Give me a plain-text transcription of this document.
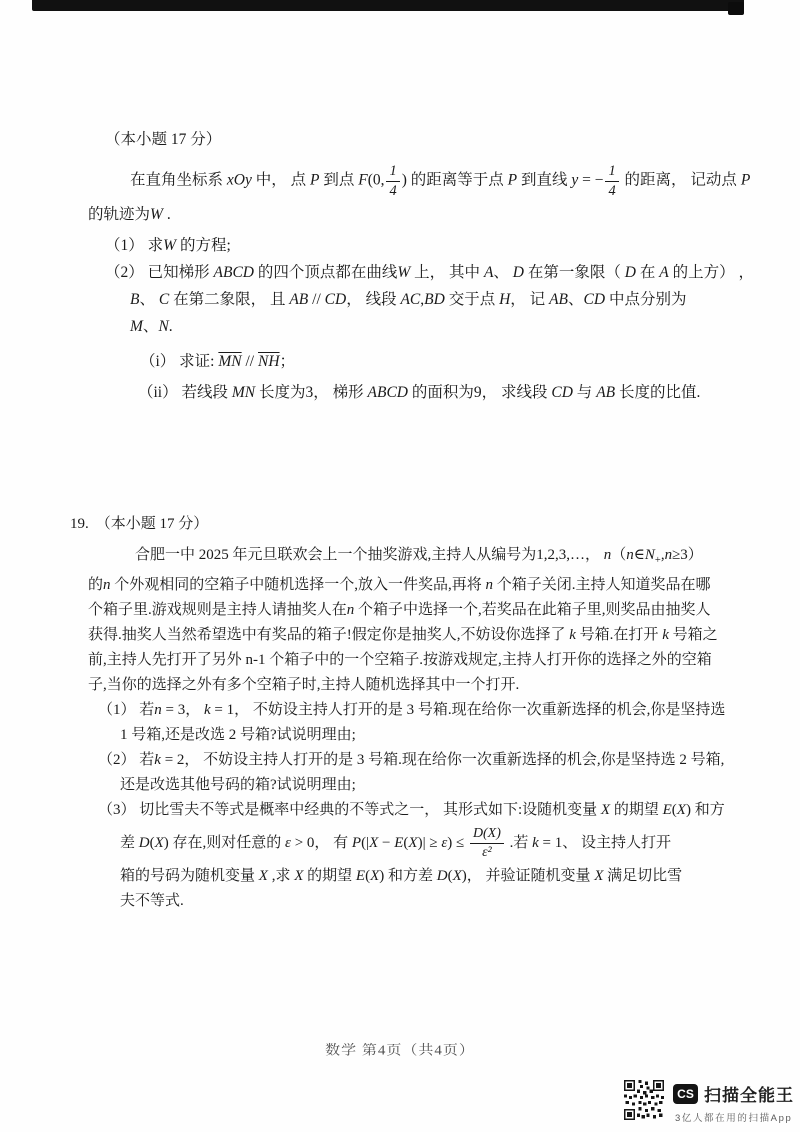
（本小题 17 分）
在直角坐标系 xOy 中， 点 P 到点 F(0, $\frac{1}{4}$ ) 的距离等于点 P 到直线 y = − $\frac{1}{4}$ 的距离， 记动点 P
的轨迹为W .
（1） 求W 的方程;
（2） 已知梯形 ABCD 的四个顶点都在曲线W 上， 其中 A、 D 在第一象限（ D 在 A 的上方） ，
B、 C 在第二象限， 且 AB // CD， 线段 AC,BD 交于点 H， 记 AB、CD 中点分别为
M、N.
（i） 求证: $\overline{MN} // \overline{NH}$；
（ii） 若线段 MN 长度为3， 梯形 ABCD 的面积为9， 求线段 CD 与 AB 长度的比值.
19. （本小题 17 分）
合肥一中 2025 年元旦联欢会上一个抽奖游戏,主持人从编号为1,2,3,…， $n(n\in N_+,n\ge 3)$
的n 个外观相同的空箱子中随机选择一个,放入一件奖品,再将 n 个箱子关闭.主持人知道奖品在哪
个箱子里.游戏规则是主持人请抽奖人在n 个箱子中选择一个,若奖品在此箱子里,则奖品由抽奖人
获得.抽奖人当然希望选中有奖品的箱子!假定你是抽奖人,不妨设你选择了 k 号箱.在打开 k 号箱之
前,主持人先打开了另外 n-1 个箱子中的一个空箱子.按游戏规定,主持人打开你的选择之外的空箱
子,当你的选择之外有多个空箱子时,主持人随机选择其中一个打开.
（1） 若n = 3， k = 1， 不妨设主持人打开的是 3 号箱.现在给你一次重新选择的机会,你是坚持选
1 号箱,还是改选 2 号箱?试说明理由;
（2） 若k = 2， 不妨设主持人打开的是 3 号箱.现在给你一次重新选择的机会,你是坚持选 2 号箱,
还是改选其他号码的箱?试说明理由;
（3） 切比雪夫不等式是概率中经典的不等式之一， 其形式如下:设随机变量 X 的期望 E(X) 和方
差 D(X) 存在,则对任意的 ε > 0， 有 $P(|X - E(X)| \ge \varepsilon) \le \frac{D(X)}{\text{ε²}}$ .若 k = 1、 设主持人打开
箱的号码为随机变量 X ,求 X 的期望 E(X) 和方差 D(X)， 并验证随机变量 X 满足切比雪
夫不等式.
数学 第4页（共4页）
CS 扫描全能王
3亿人都在用的扫描App
